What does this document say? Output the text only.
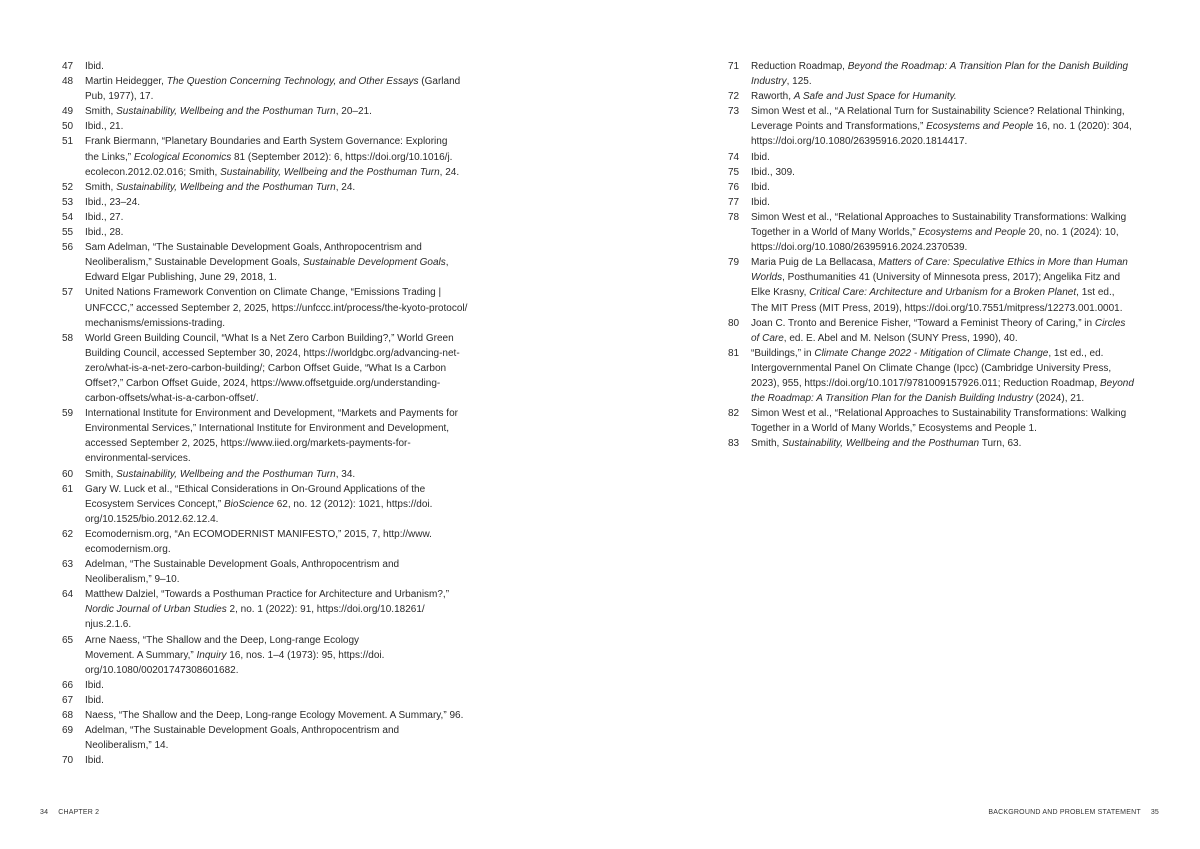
47	Ibid.
48	Martin Heidegger, The Question Concerning Technology, and Other Essays (Garland
Pub, 1977), 17.
49	Smith, Sustainability, Wellbeing and the Posthuman Turn, 20–21.
50	Ibid., 21.
51	Frank Biermann, “Planetary Boundaries and Earth System Governance: Exploring
the Links,” Ecological Economics 81 (September 2012): 6, https://doi.org/10.1016/j.
ecolecon.2012.02.016; Smith, Sustainability, Wellbeing and the Posthuman Turn, 24.
52	Smith, Sustainability, Wellbeing and the Posthuman Turn, 24.
53	Ibid., 23–24.
54	Ibid., 27.
55	Ibid., 28.
56	Sam Adelman, “The Sustainable Development Goals, Anthropocentrism and
Neoliberalism,” Sustainable Development Goals, Sustainable Development Goals,
Edward Elgar Publishing, June 29, 2018, 1.
57	United Nations Framework Convention on Climate Change, “Emissions Trading |
UNFCCC,” accessed September 2, 2025, https://unfccc.int/process/the-kyoto-protocol/
mechanisms/emissions-trading.
58	World Green Building Council, “What Is a Net Zero Carbon Building?,” World Green
Building Council, accessed September 30, 2024, https://worldgbc.org/advancing-net-
zero/what-is-a-net-zero-carbon-building/; Carbon Offset Guide, “What Is a Carbon
Offset?,” Carbon Offset Guide, 2024, https://www.offsetguide.org/understanding-
carbon-offsets/what-is-a-carbon-offset/.
59	International Institute for Environment and Development, “Markets and Payments for
Environmental Services,” International Institute for Environment and Development,
accessed September 2, 2025, https://www.iied.org/markets-payments-for-
environmental-services.
60	Smith, Sustainability, Wellbeing and the Posthuman Turn, 34.
61	Gary W. Luck et al., “Ethical Considerations in On-Ground Applications of the
Ecosystem Services Concept,” BioScience 62, no. 12 (2012): 1021, https://doi.
org/10.1525/bio.2012.62.12.4.
62	Ecomodernism.org, “An ECOMODERNIST MANIFESTO,” 2015, 7, http://www.
ecomodernism.org.
63	Adelman, “The Sustainable Development Goals, Anthropocentrism and
Neoliberalism,” 9–10.
64	Matthew Dalziel, “Towards a Posthuman Practice for Architecture and Urbanism?,”
Nordic Journal of Urban Studies 2, no. 1 (2022): 91, https://doi.org/10.18261/
njus.2.1.6.
65	Arne Naess, “The Shallow and the Deep, Long-range Ecology
Movement. A Summary,” Inquiry 16, nos. 1–4 (1973): 95, https://doi.
org/10.1080/00201747308601682.
66	Ibid.
67	Ibid.
68	Naess, “The Shallow and the Deep, Long-range Ecology Movement. A Summary,” 96.
69	Adelman, “The Sustainable Development Goals, Anthropocentrism and
Neoliberalism,” 14.
70	Ibid.
71	Reduction Roadmap, Beyond the Roadmap: A Transition Plan for the Danish Building
Industry, 125.
72	Raworth, A Safe and Just Space for Humanity.
73	Simon West et al., “A Relational Turn for Sustainability Science? Relational Thinking,
Leverage Points and Transformations,” Ecosystems and People 16, no. 1 (2020): 304,
https://doi.org/10.1080/26395916.2020.1814417.
74	Ibid.
75	Ibid., 309.
76	Ibid.
77	Ibid.
78	Simon West et al., “Relational Approaches to Sustainability Transformations: Walking
Together in a World of Many Worlds,” Ecosystems and People 20, no. 1 (2024): 10,
https://doi.org/10.1080/26395916.2024.2370539.
79	Maria Puig de La Bellacasa, Matters of Care: Speculative Ethics in More than Human
Worlds, Posthumanities 41 (University of Minnesota press, 2017); Angelika Fitz and
Elke Krasny, Critical Care: Architecture and Urbanism for a Broken Planet, 1st ed.,
The MIT Press (MIT Press, 2019), https://doi.org/10.7551/mitpress/12273.001.0001.
80	Joan C. Tronto and Berenice Fisher, “Toward a Feminist Theory of Caring,” in Circles
of Care, ed. E. Abel and M. Nelson (SUNY Press, 1990), 40.
81	“Buildings,” in Climate Change 2022 - Mitigation of Climate Change, 1st ed., ed.
Intergovernmental Panel On Climate Change (Ipcc) (Cambridge University Press,
2023), 955, https://doi.org/10.1017/9781009157926.011; Reduction Roadmap, Beyond
the Roadmap: A Transition Plan for the Danish Building Industry (2024), 21.
82	Simon West et al., “Relational Approaches to Sustainability Transformations: Walking
Together in a World of Many Worlds,” Ecosystems and People 1.
83	Smith, Sustainability, Wellbeing and the Posthuman Turn, 63.
34 CHAPTER 2	BACKGROUND AND PROBLEM STATEMENT 35
